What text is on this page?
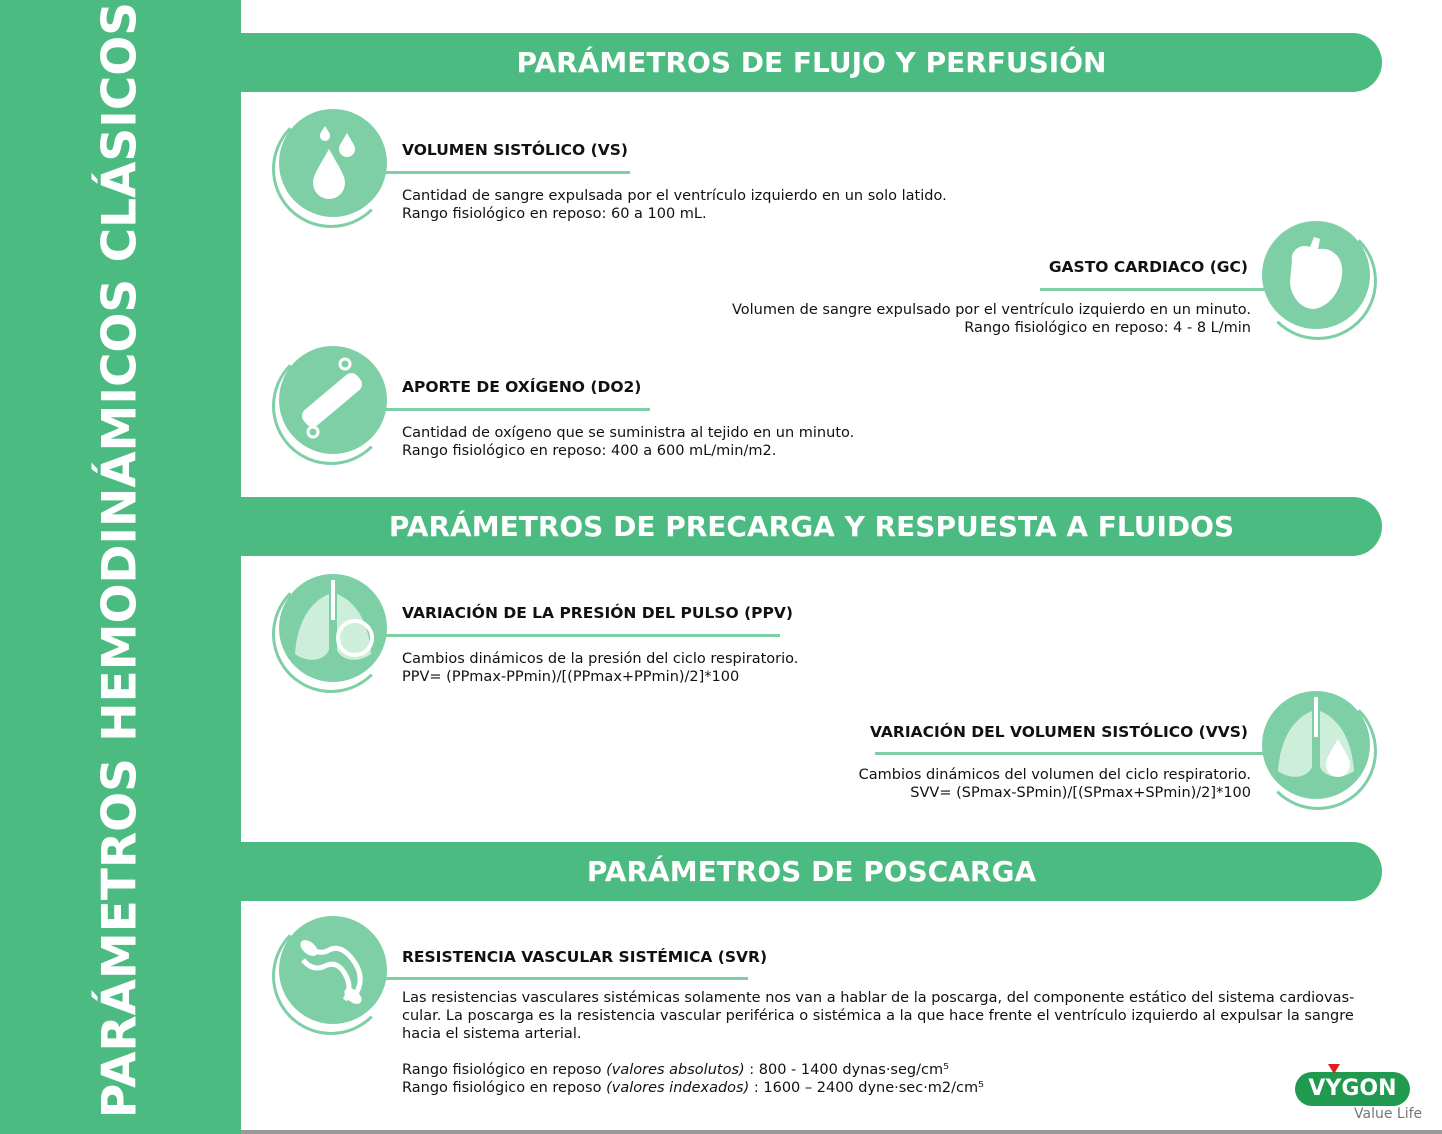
PARÁMETROS HEMODINÁMICOS CLÁSICOS	PARÁMETROS DE FLUJO Y PERFUSIÓN
PARÁMETROS DE PRECARGA Y RESPUESTA A FLUIDOS
PARÁMETROS DE POSCARGA
VOLUMEN SISTÓLICO (VS)
Cantidad de sangre expulsada por el ventrículo izquierdo en un solo latido.
Rango fisiológico en reposo: 60 a 100 mL.
GASTO CARDIACO (GC)
Volumen de sangre expulsado por el ventrículo izquierdo en un minuto.
Rango fisiológico en reposo: 4 - 8 L/min
APORTE DE OXÍGENO (DO2)
Cantidad de oxígeno que se suministra al tejido en un minuto.
Rango fisiológico en reposo: 400 a 600 mL/min/m2.
VARIACIÓN DE LA PRESIÓN DEL PULSO (PPV)
Cambios dinámicos de la presión del ciclo respiratorio.
PPV= (PPmax-PPmin)/[(PPmax+PPmin)/2]*100
VARIACIÓN DEL VOLUMEN SISTÓLICO (VVS)
Cambios dinámicos del volumen del ciclo respiratorio.
SVV= (SPmax-SPmin)/[(SPmax+SPmin)/2]*100
RESISTENCIA VASCULAR SISTÉMICA (SVR)
Las resistencias vasculares sistémicas solamente nos van a hablar de la poscarga, del componente estático del sistema cardiovas-
cular. La poscarga es la resistencia vascular periférica o sistémica a la que hace frente el ventrículo izquierdo al expulsar la sangre
hacia el sistema arterial.
Rango fisiológico en reposo (valores absolutos) : 800 - 1400 dynas·seg/cm⁵
Rango fisiológico en reposo (valores indexados) : 1600 – 2400 dyne·sec·m2/cm⁵	VYGON
Value Life
